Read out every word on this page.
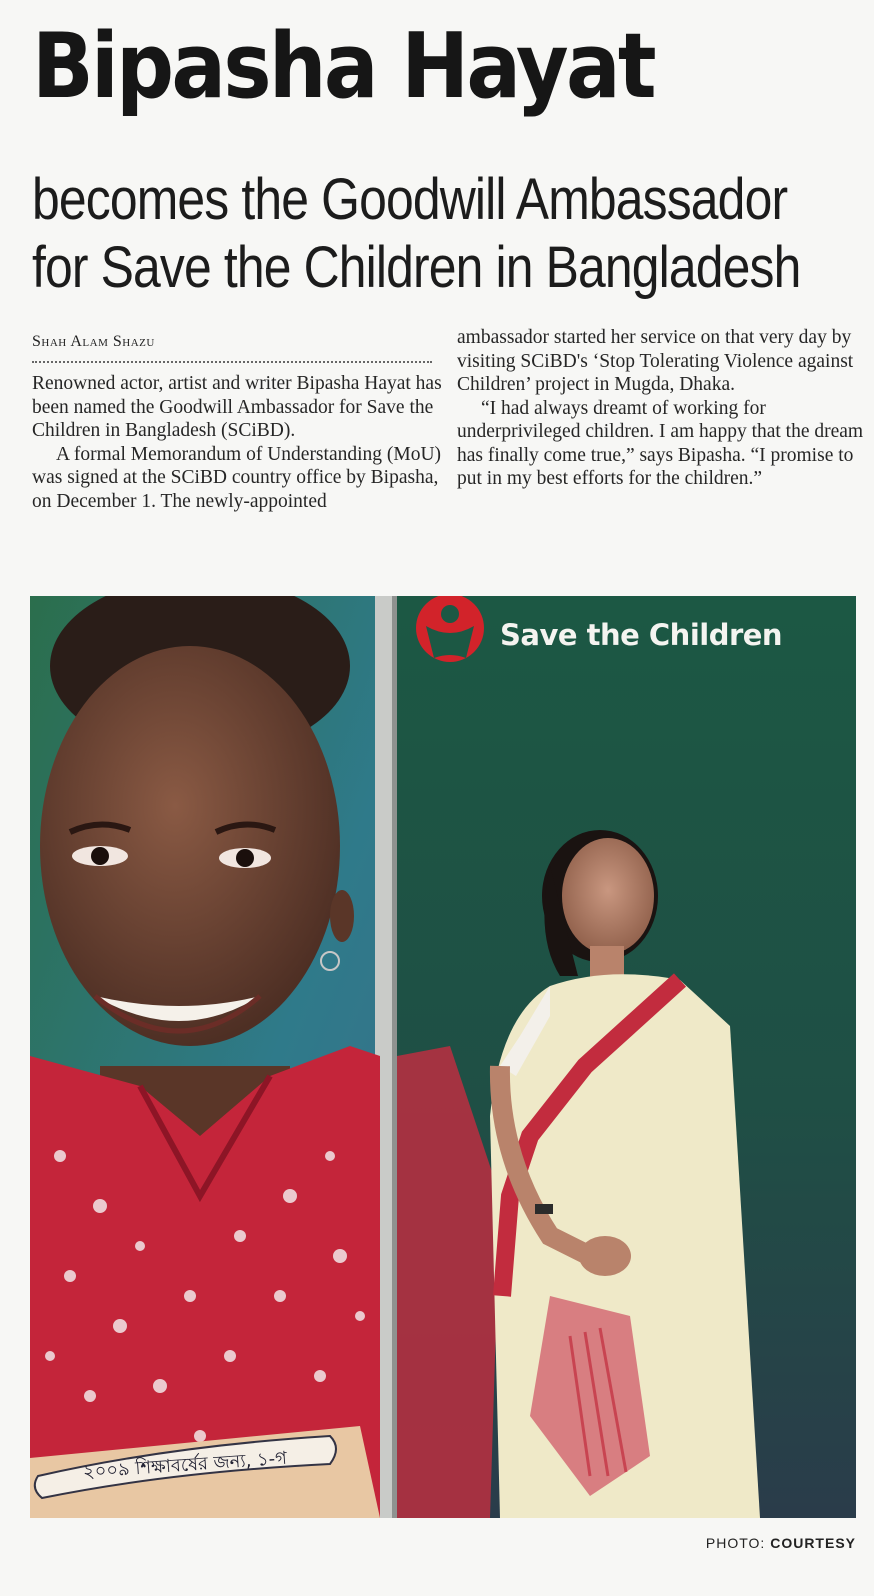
Bipasha Hayat
becomes the Goodwill Ambassador for Save the Children in Bangladesh
Shah Alam Shazu

Renowned actor, artist and writer Bipasha Hayat has been named the Goodwill Ambassador for Save the Children in Bangladesh (SCiBD).

A formal Memorandum of Understanding (MoU) was signed at the SCiBD country office by Bipasha, on December 1. The newly-appointed

ambassador started her service on that very day by visiting SCiBD's ‘Stop Tolerating Violence against Children’ project in Mugda, Dhaka.

“I had always dreamt of working for underprivileged children. I am happy that the dream has finally come true,” says Bipasha. “I promise to put in my best efforts for the children.”

Save the Children
২০০৯ শিক্ষাবর্ষের জন্য, ১-গ
PHOTO: COURTESY
